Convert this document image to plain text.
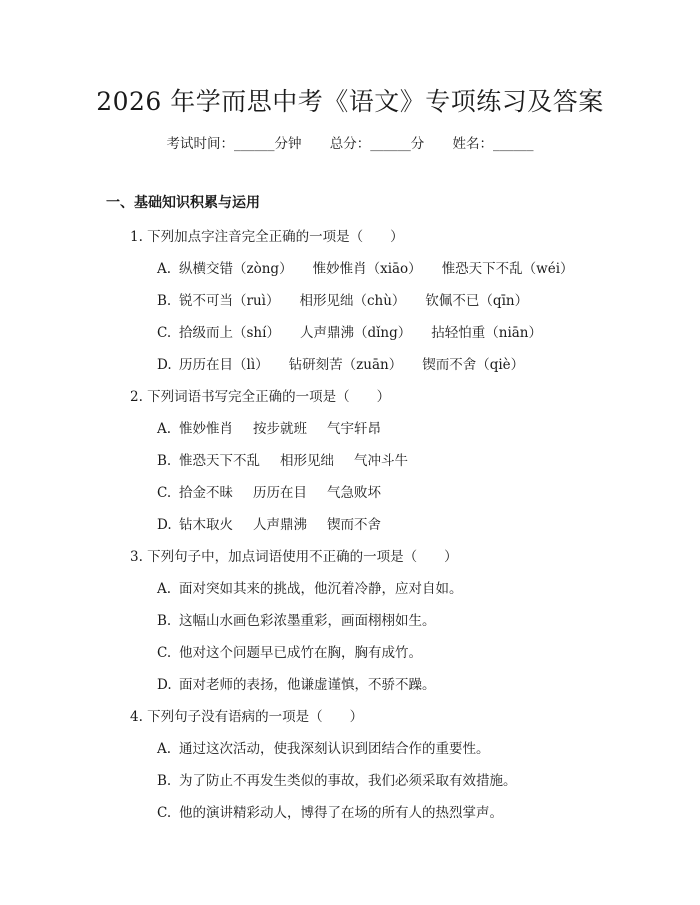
2026 年学而思中考《语文》专项练习及答案
考试时间：______分钟 总分：______分 姓名：______
一、基础知识积累与运用
1. 下列加点字注音完全正确的一项是（　　）
A. 纵横交错（zòng） 惟妙惟肖（xiāo） 惟恐天下不乱（wéi）
B. 锐不可当（ruì） 相形见绌（chù） 钦佩不已（qīn）
C. 拾级而上（shí） 人声鼎沸（dǐng） 拈轻怕重（niān）
D. 历历在目（lì） 钻研刻苦（zuān） 锲而不舍（qiè）
2. 下列词语书写完全正确的一项是（　　）
A. 惟妙惟肖 按步就班 气宇轩昂
B. 惟恐天下不乱 相形见绌 气冲斗牛
C. 拾金不昧 历历在目 气急败坏
D. 钻木取火 人声鼎沸 锲而不舍
3. 下列句子中，加点词语使用不正确的一项是（　　）
A. 面对突如其来的挑战，他沉着冷静，应对自如。
B. 这幅山水画色彩浓墨重彩，画面栩栩如生。
C. 他对这个问题早已成竹在胸，胸有成竹。
D. 面对老师的表扬，他谦虚谨慎，不骄不躁。
4. 下列句子没有语病的一项是（　　）
A. 通过这次活动，使我深刻认识到团结合作的重要性。
B. 为了防止不再发生类似的事故，我们必须采取有效措施。
C. 他的演讲精彩动人，博得了在场的所有人的热烈掌声。
